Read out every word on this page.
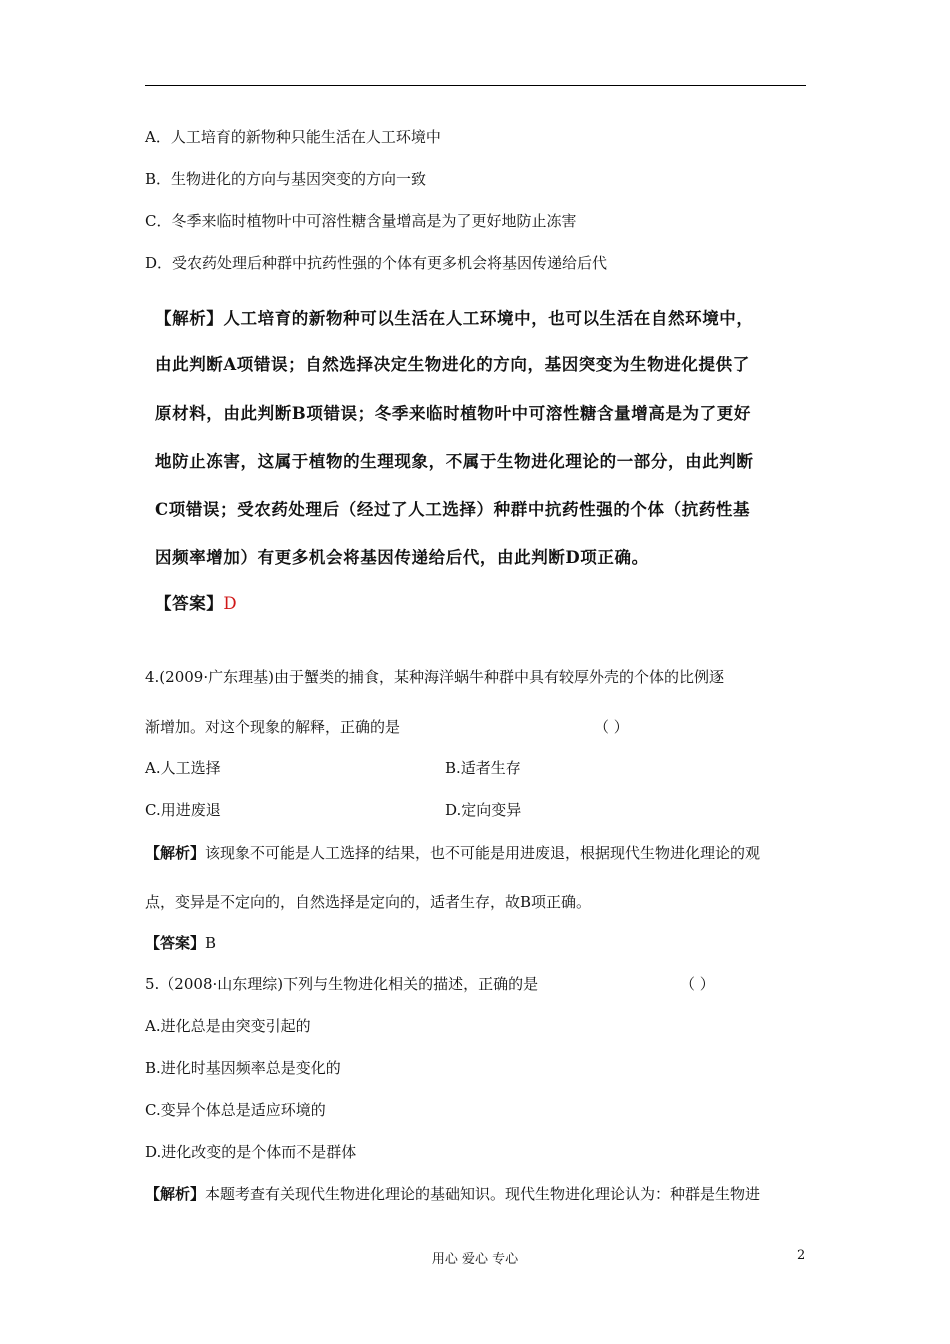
A．人工培育的新物种只能生活在人工环境中
B．生物进化的方向与基因突变的方向一致
C．冬季来临时植物叶中可溶性糖含量增高是为了更好地防止冻害
D．受农药处理后种群中抗药性强的个体有更多机会将基因传递给后代
【解析】人工培育的新物种可以生活在人工环境中，也可以生活在自然环境中，
由此判断A项错误；自然选择决定生物进化的方向，基因突变为生物进化提供了
原材料，由此判断B项错误；冬季来临时植物叶中可溶性糖含量增高是为了更好
地防止冻害，这属于植物的生理现象，不属于生物进化理论的一部分，由此判断
C项错误；受农药处理后（经过了人工选择）种群中抗药性强的个体（抗药性基
因频率增加）有更多机会将基因传递给后代，由此判断D项正确。
【答案】D
4.(2009·广东理基)由于蟹类的捕食，某种海洋蜗牛种群中具有较厚外壳的个体的比例逐
渐增加。对这个现象的解释，正确的是	（ ）
A.人工选择	B.适者生存
C.用进废退	D.定向变异
【解析】该现象不可能是人工选择的结果，也不可能是用进废退，根据现代生物进化理论的观
点，变异是不定向的，自然选择是定向的，适者生存，故B项正确。
【答案】B
5.（2008·山东理综)下列与生物进化相关的描述，正确的是	（ ）
A.进化总是由突变引起的
B.进化时基因频率总是变化的
C.变异个体总是适应环境的
D.进化改变的是个体而不是群体
【解析】本题考查有关现代生物进化理论的基础知识。现代生物进化理论认为：种群是生物进
用心 爱心 专心	2
